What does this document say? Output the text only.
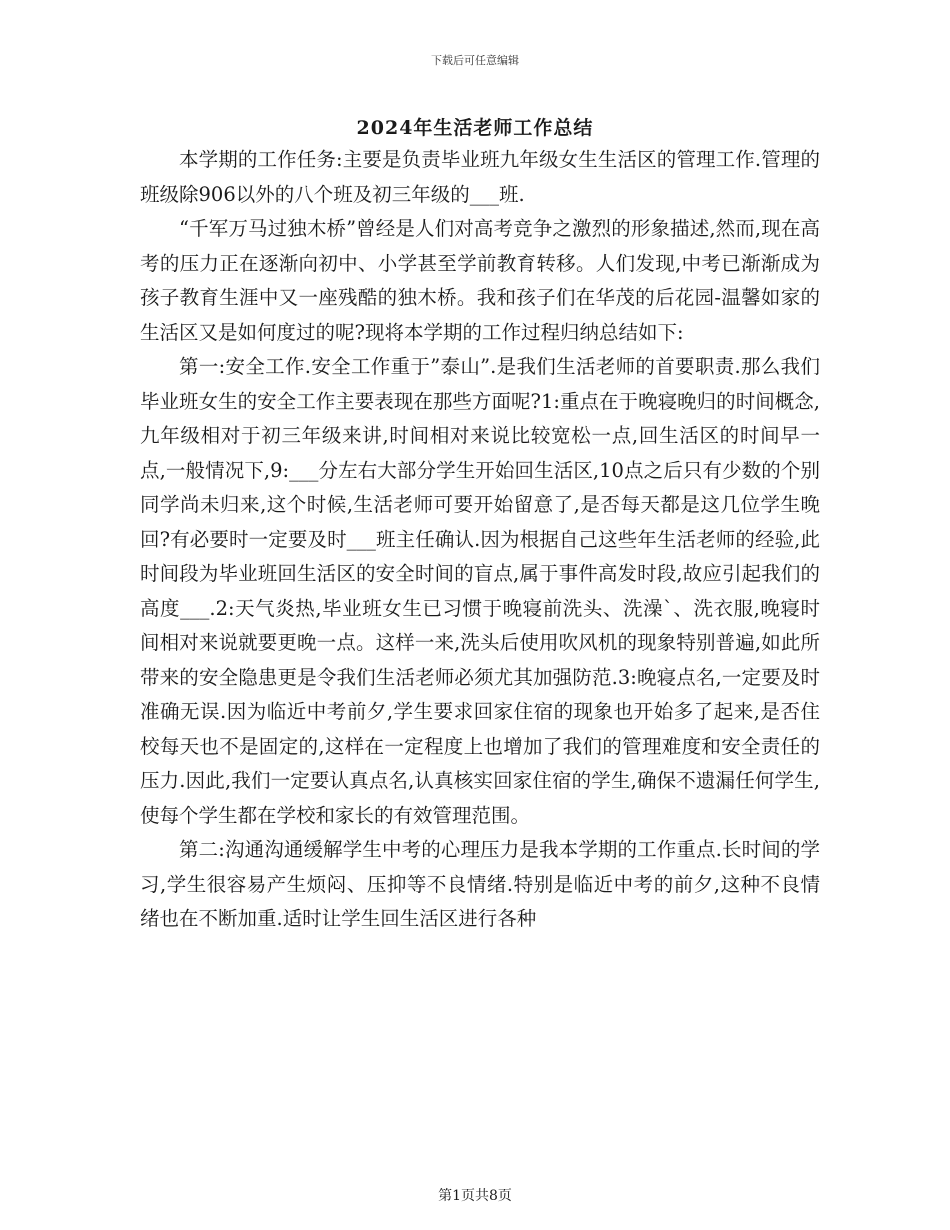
下载后可任意编辑
2024年生活老师工作总结

本学期的工作任务:主要是负责毕业班九年级女生生活区的管理工作.管理的班级除906以外的八个班及初三年级的___班.

“千军万马过独木桥”曾经是人们对高考竞争之激烈的形象描述,然而,现在高考的压力正在逐渐向初中、小学甚至学前教育转移。人们发现,中考已渐渐成为孩子教育生涯中又一座残酷的独木桥。我和孩子们在华茂的后花园-温馨如家的生活区又是如何度过的呢?现将本学期的工作过程归纳总结如下:

第一:安全工作.安全工作重于”泰山”.是我们生活老师的首要职责.那么我们毕业班女生的安全工作主要表现在那些方面呢?1:重点在于晚寝晚归的时间概念,九年级相对于初三年级来讲,时间相对来说比较宽松一点,回生活区的时间早一点,一般情况下,9:___分左右大部分学生开始回生活区,10点之后只有少数的个别同学尚未归来,这个时候,生活老师可要开始留意了,是否每天都是这几位学生晚回?有必要时一定要及时___班主任确认.因为根据自己这些年生活老师的经验,此时间段为毕业班回生活区的安全时间的盲点,属于事件高发时段,故应引起我们的高度___.2:天气炎热,毕业班女生已习惯于晚寝前洗头、洗澡`、洗衣服,晚寝时间相对来说就要更晚一点。这样一来,洗头后使用吹风机的现象特别普遍,如此所带来的安全隐患更是令我们生活老师必须尤其加强防范.3:晚寝点名,一定要及时准确无误.因为临近中考前夕,学生要求回家住宿的现象也开始多了起来,是否住校每天也不是固定的,这样在一定程度上也增加了我们的管理难度和安全责任的压力.因此,我们一定要认真点名,认真核实回家住宿的学生,确保不遗漏任何学生,使每个学生都在学校和家长的有效管理范围。

第二:沟通沟通缓解学生中考的心理压力是我本学期的工作重点.长时间的学习,学生很容易产生烦闷、压抑等不良情绪.特别是临近中考的前夕,这种不良情绪也在不断加重.适时让学生回生活区进行各种

第1页共8页
